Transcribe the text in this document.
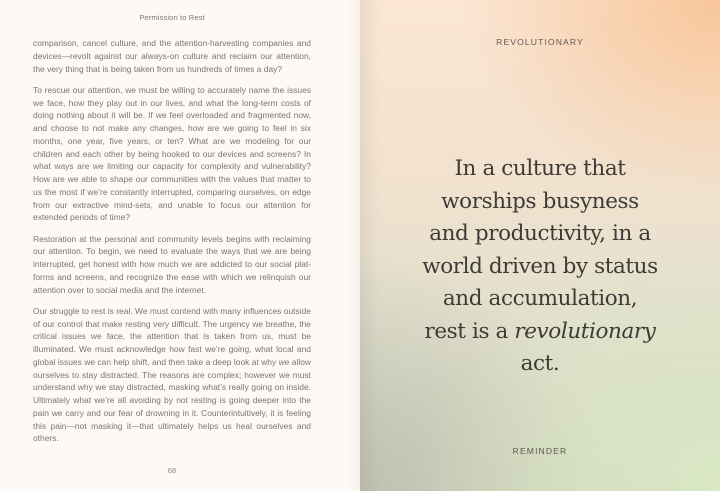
Permission to Rest

comparison, cancel culture, and the attention-harvesting companies and devices—revolt against our always-on culture and reclaim our attention, the very thing that is being taken from us hundreds of times a day?

To rescue our attention, we must be willing to accurately name the issues we face, how they play out in our lives, and what the long-term costs of doing nothing about it will be. If we feel overloaded and fragmented now, and choose to not make any changes, how are we going to feel in six months, one year, five years, or ten? What are we modeling for our children and each other by being hooked to our devices and screens? In what ways are we limiting our capacity for complexity and vulnerability? How are we able to shape our communities with the values that matter to us the most if we’re constantly interrupted, comparing ourselves, on edge from our extractive mind-sets, and unable to focus our attention for extended periods of time?

Restoration at the personal and community levels begins with reclaiming our attention. To begin, we need to evaluate the ways that we are being interrupted, get honest with how much we are addicted to our social platforms and screens, and recognize the ease with which we relinquish our attention over to social media and the internet.

Our struggle to rest is real. We must contend with many influences outside of our control that make resting very difficult. The urgency we breathe, the critical issues we face, the attention that is taken from us, must be illuminated. We must acknowledge how fast we’re going, what local and global issues we can help shift, and then take a deep look at why we allow ourselves to stay distracted. The reasons are complex; however we must understand why we stay distracted, masking what’s really going on inside. Ultimately what we’re all avoiding by not resting is going deeper into the pain we carry and our fear of drowning in it. Counterintuitively, it is feeling this pain—not masking it—that ultimately helps us heal ourselves and others.

68
REVOLUTIONARY
In a culture that worships busyness and productivity, in a world driven by status and accumulation, rest is a revolutionary act.
REMINDER
